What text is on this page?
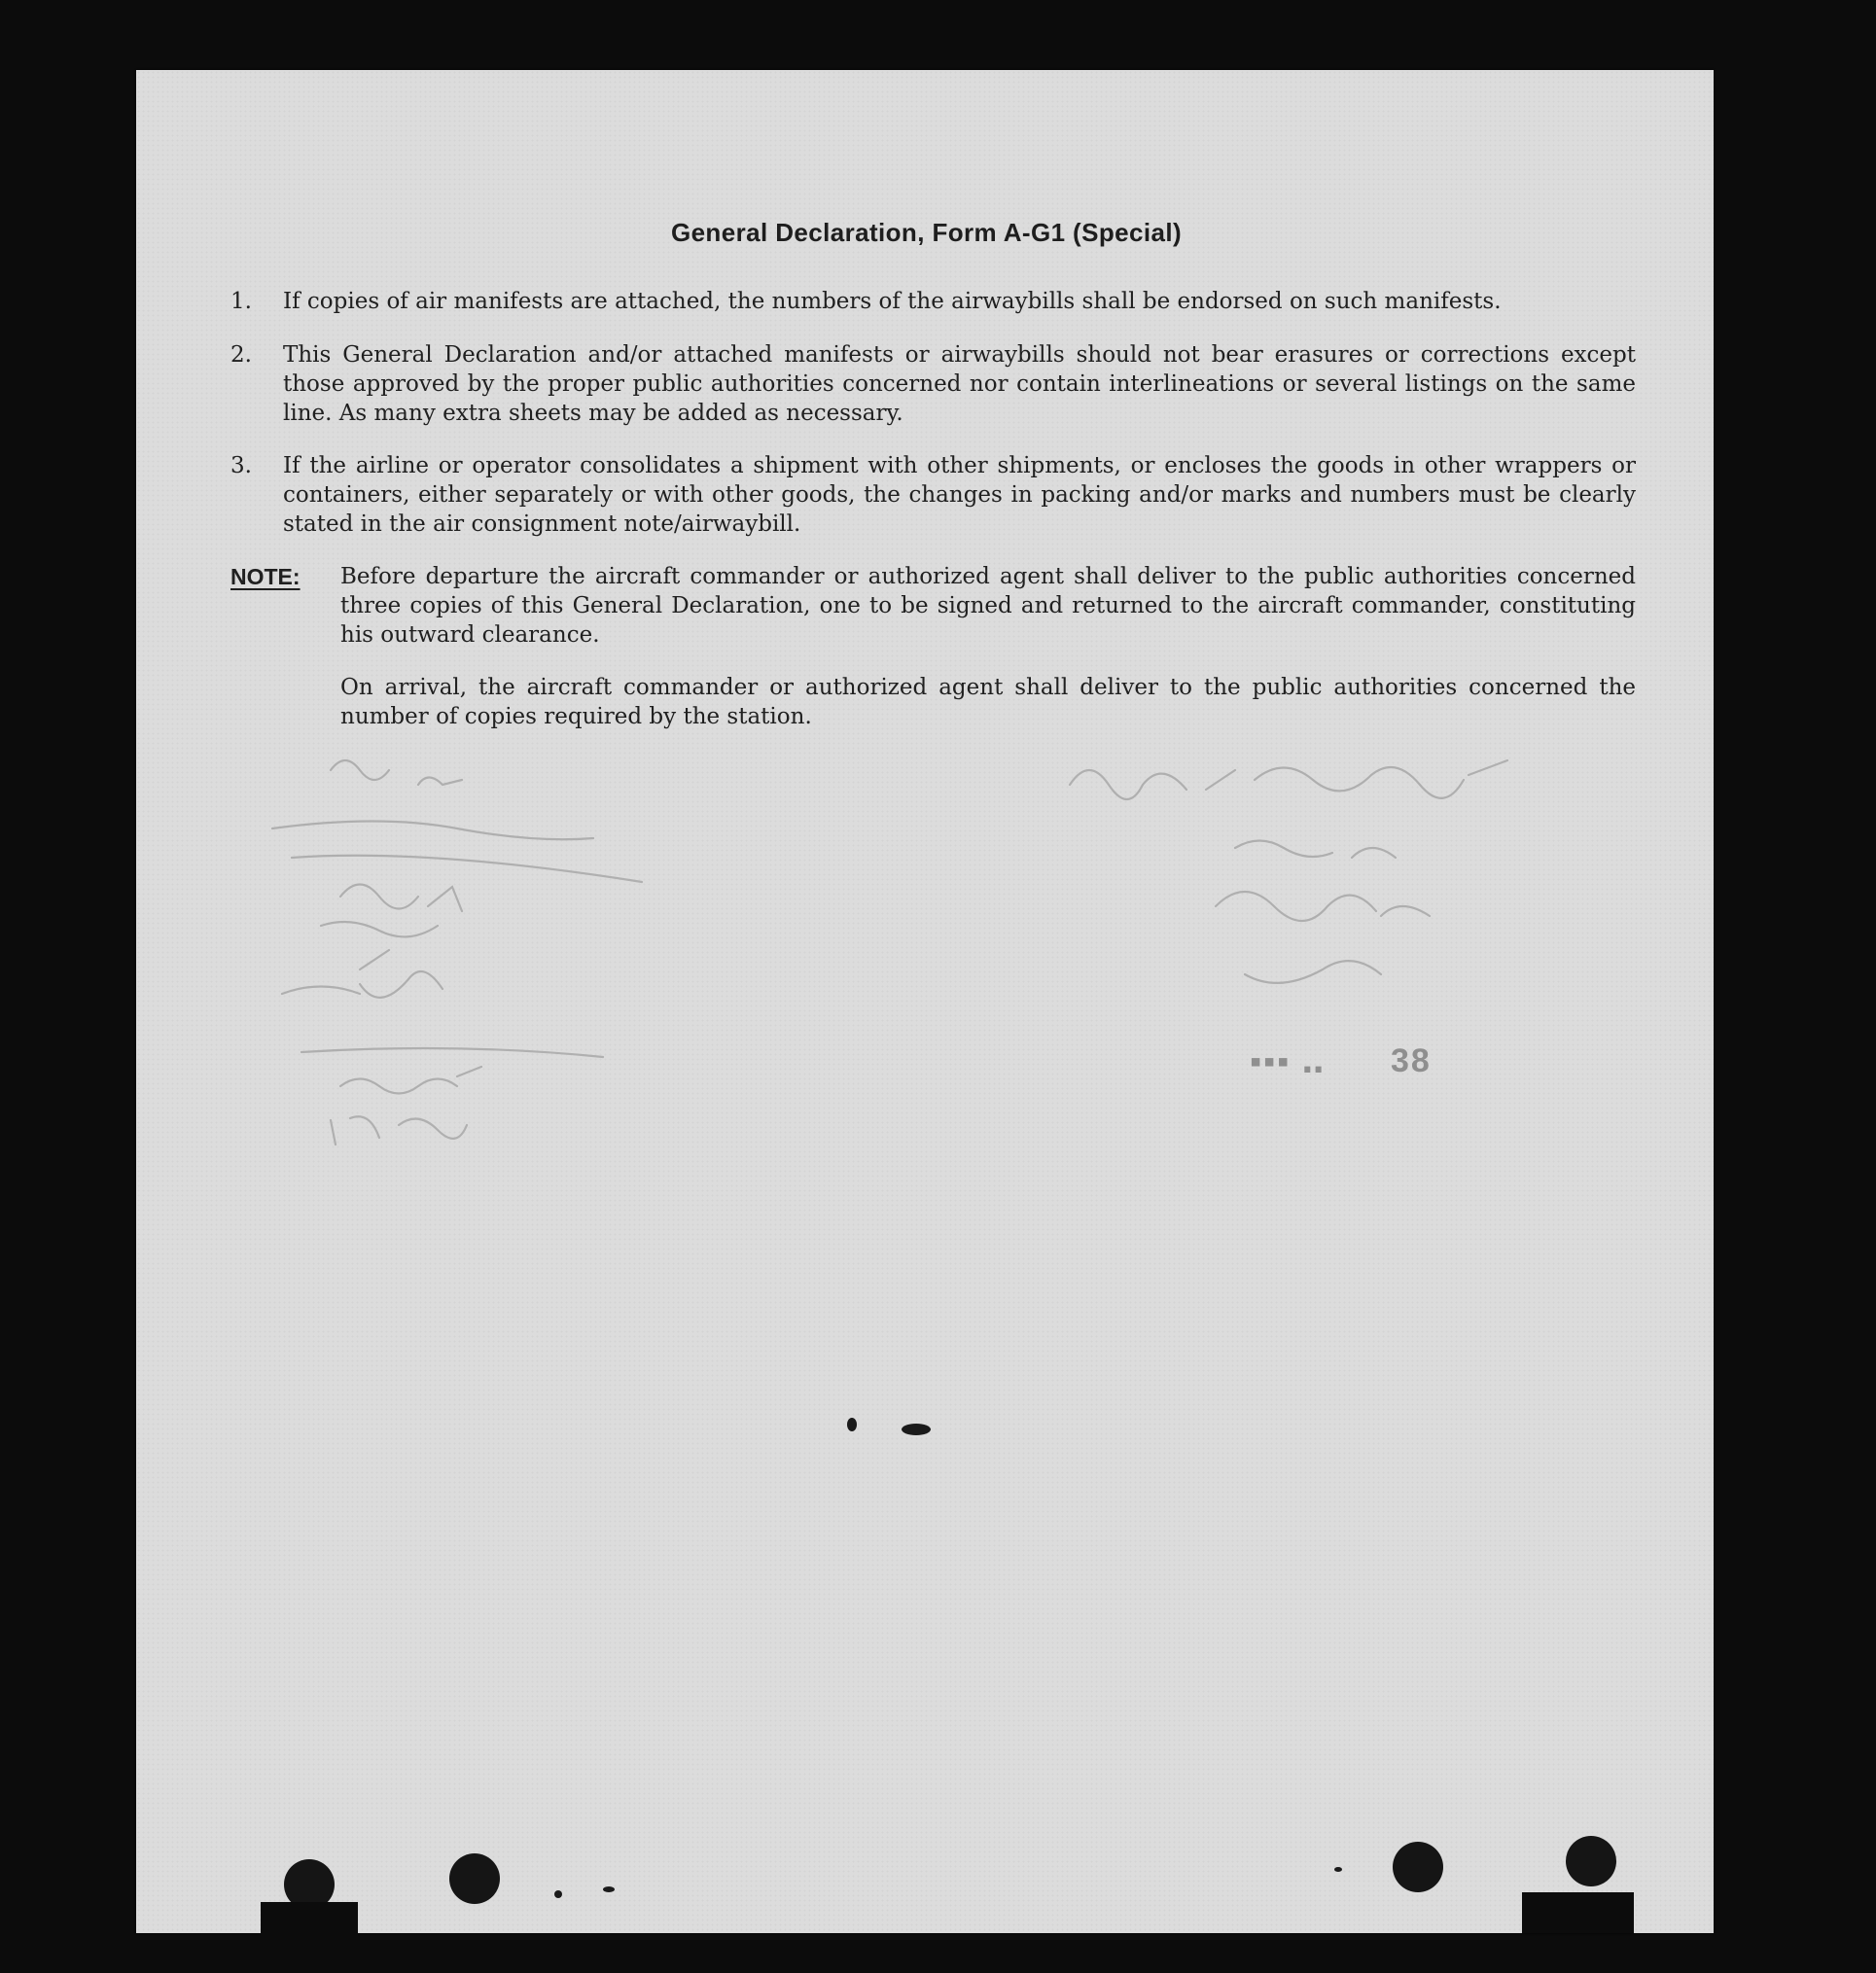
General Declaration, Form A-G1 (Special)
1.	If copies of air manifests are attached, the numbers of the airwaybills shall be endorsed on such manifests.
2.	This General Declaration and/or attached manifests or airwaybills should not bear erasures or corrections except those approved by the proper public authorities concerned nor contain interlineations or several listings on the same line. As many extra sheets may be added as necessary.
3.	If the airline or operator consolidates a shipment with other shipments, or encloses the goods in other wrappers or containers, either separately or with other goods, the changes in packing and/or marks and numbers must be clearly stated in the air consignment note/airwaybill.
NOTE: Before departure the aircraft commander or authorized agent shall deliver to the public authorities concerned three copies of this General Declaration, one to be signed and returned to the aircraft commander, constituting his outward clearance.
On arrival, the aircraft commander or authorized agent shall deliver to the public authorities concerned the number of copies required by the station.
▪▪▪ ‥ 38
